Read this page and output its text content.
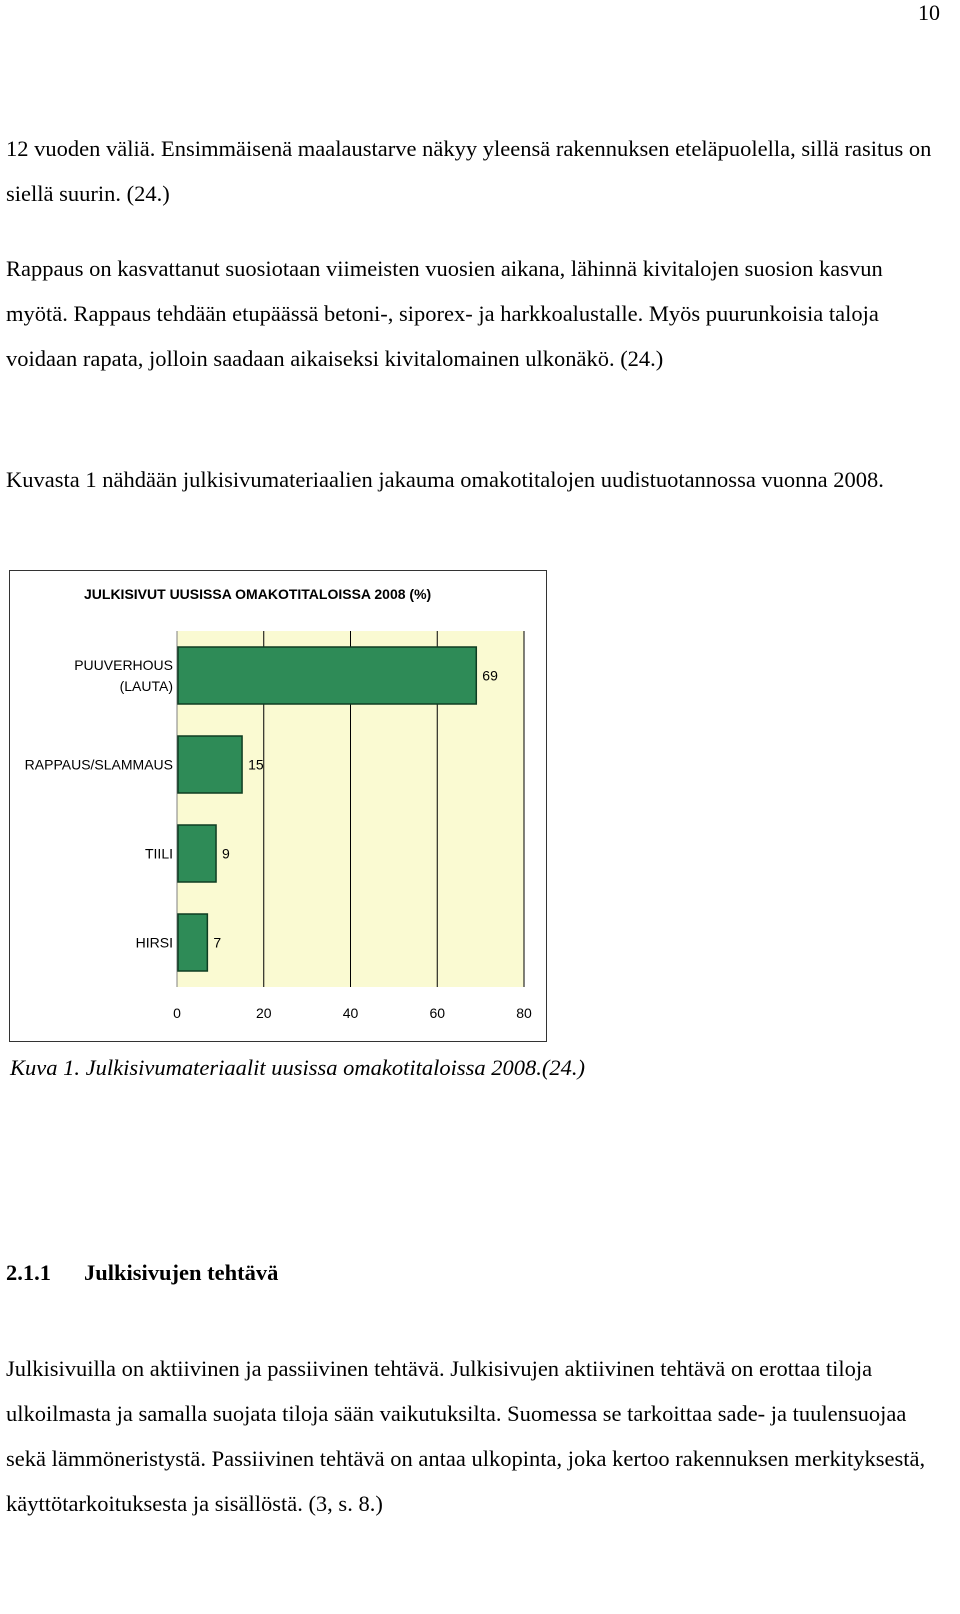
10

12 vuoden väliä. Ensimmäisenä maalaustarve näkyy yleensä rakennuksen eteläpuolella, sillä rasitus on siellä suurin. (24.)

Rappaus on kasvattanut suosiotaan viimeisten vuosien aikana, lähinnä kivitalojen suosion kasvun myötä. Rappaus tehdään etupäässä betoni-, siporex- ja harkkoalustalle. Myös puurunkoisia taloja voidaan rapata, jolloin saadaan aikaiseksi kivitalomainen ulkonäkö. (24.)

Kuvasta 1 nähdään julkisivumateriaalien jakauma omakotitalojen uudistuotannossa vuonna 2008.

JULKISIVUT UUSISSA OMAKOTITALOISSA 2008 (%)
69
PUUVERHOUS
(LAUTA)
15
RAPPAUS/SLAMMAUS
9
TIILI
7
HIRSI
0	20	40	60	80

Kuva 1. Julkisivumateriaalit uusissa omakotitaloissa 2008.(24.)

2.1.1 Julkisivujen tehtävä

Julkisivuilla on aktiivinen ja passiivinen tehtävä. Julkisivujen aktiivinen tehtävä on erottaa tiloja ulkoilmasta ja samalla suojata tiloja sään vaikutuksilta. Suomessa se tarkoittaa sade- ja tuulensuojaa sekä lämmöneristystä. Passiivinen tehtävä on antaa ulkopinta, joka kertoo rakennuksen merkityksestä, käyttötarkoituksesta ja sisällöstä. (3, s. 8.)
